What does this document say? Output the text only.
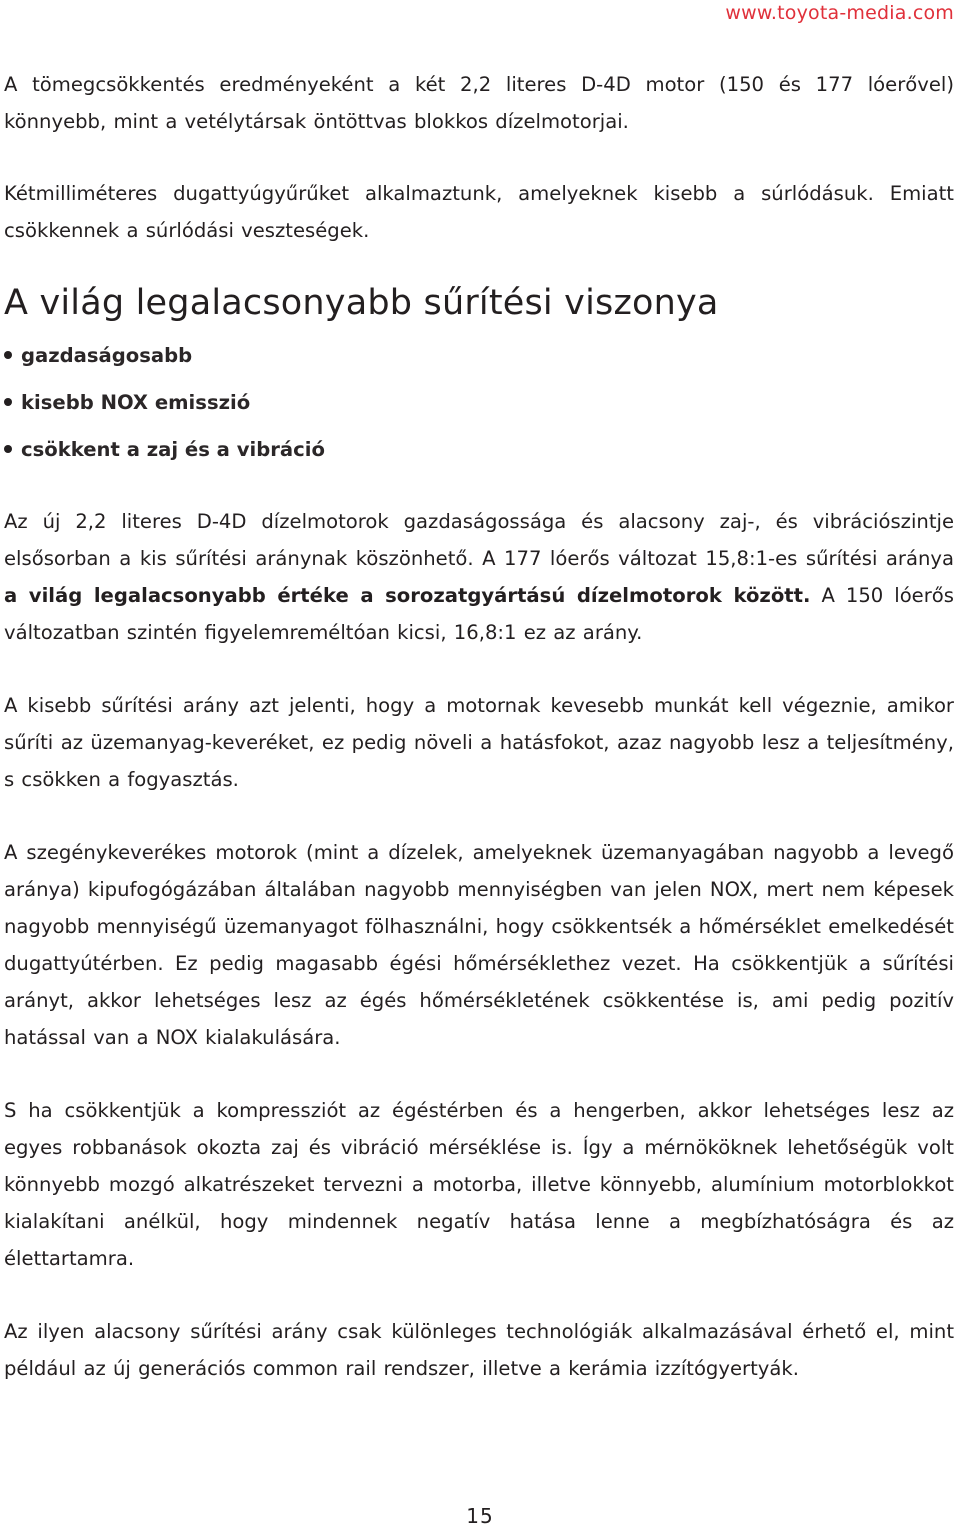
www.toyota-media.com

A tömegcsökkentés eredményeként a két 2,2 literes D-4D motor (150 és 177 lóerővel) könnyebb, mint a vetélytársak öntöttvas blokkos dízelmotorjai.

Kétmilliméteres dugattyúgyűrűket alkalmaztunk, amelyeknek kisebb a súrlódásuk. Emiatt csökkennek a súrlódási veszteségek.

A világ legalacsonyabb sűrítési viszonya
gazdaságosabb
kisebb NOX emisszió
csökkent a zaj és a vibráció

Az új 2,2 literes D-4D dízelmotorok gazdaságossága és alacsony zaj-, és vibrációszintje elsősorban a kis sűrítési aránynak köszönhető. A 177 lóerős változat 15,8:1-es sűrítési aránya a világ legalacsonyabb értéke a sorozatgyártású dízelmotorok között. A 150 lóerős változatban szintén figyelemreméltóan kicsi, 16,8:1 ez az arány.

A kisebb sűrítési arány azt jelenti, hogy a motornak kevesebb munkát kell végeznie, amikor sűríti az üzemanyag-keveréket, ez pedig növeli a hatásfokot, azaz nagyobb lesz a teljesítmény, s csökken a fogyasztás.

A szegénykeverékes motorok (mint a dízelek, amelyeknek üzemanyagában nagyobb a levegő aránya) kipufogógázában általában nagyobb mennyiségben van jelen NOX, mert nem képesek nagyobb mennyiségű üzemanyagot fölhasználni, hogy csökkentsék a hőmérséklet emelkedését dugattyútérben. Ez pedig magasabb égési hőmérséklethez vezet. Ha csökkentjük a sűrítési arányt, akkor lehetséges lesz az égés hőmérsékletének csökkentése is, ami pedig pozitív hatással van a NOX kialakulására.

S ha csökkentjük a kompressziót az égéstérben és a hengerben, akkor lehetséges lesz az egyes robbanások okozta zaj és vibráció mérséklése is. Így a mérnököknek lehetőségük volt könnyebb mozgó alkatrészeket tervezni a motorba, illetve könnyebb, alumínium motorblokkot kialakítani anélkül, hogy mindennek negatív hatása lenne a megbízhatóságra és az élettartamra.

Az ilyen alacsony sűrítési arány csak különleges technológiák alkalmazásával érhető el, mint például az új generációs common rail rendszer, illetve a kerámia izzítógyertyák.

15
